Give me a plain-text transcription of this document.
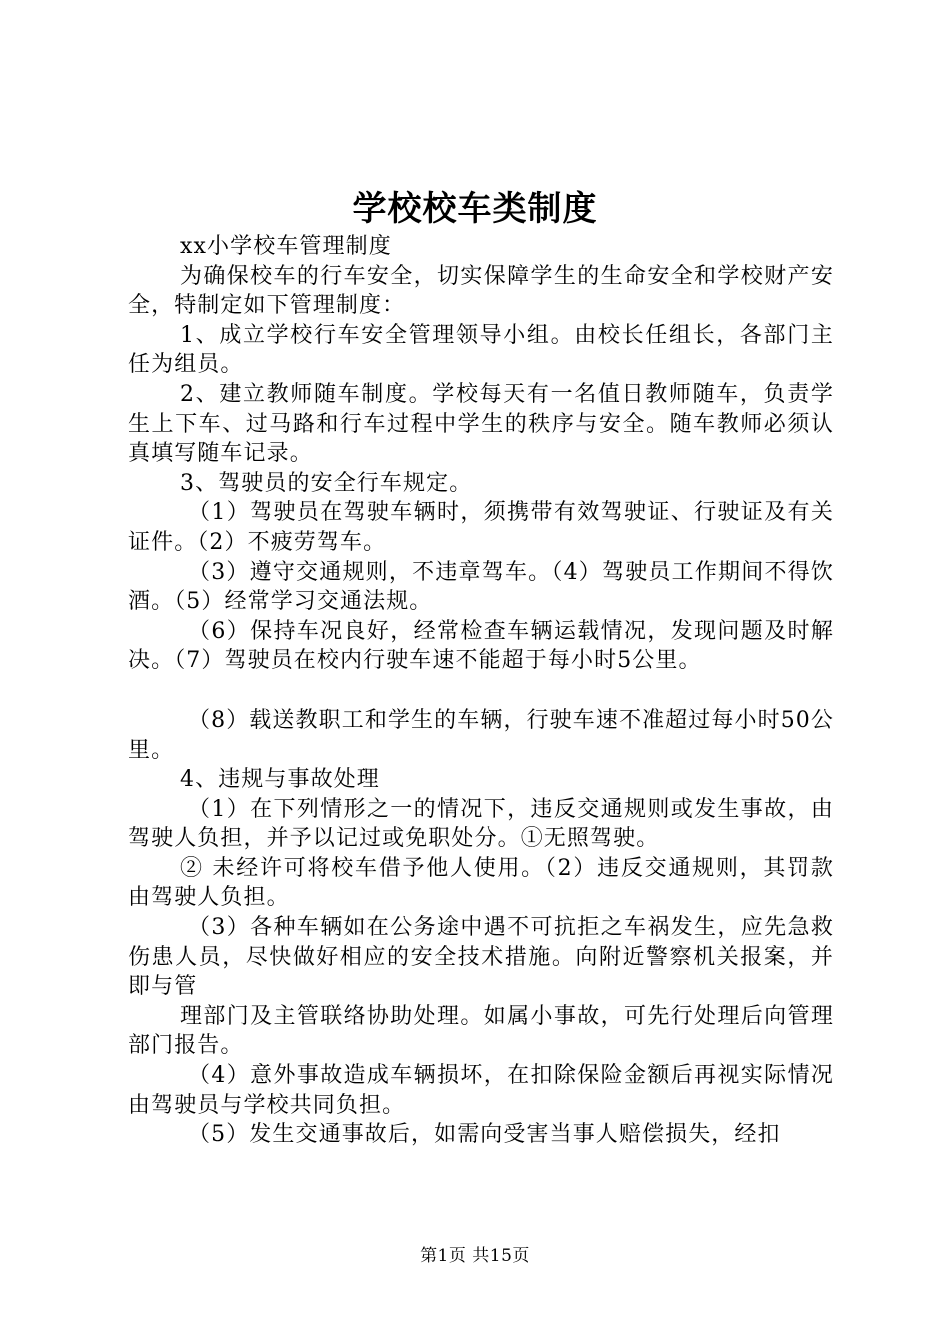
学校校车类制度

xx小学校车管理制度

为确保校车的行车安全，切实保障学生的生命安全和学校财产安全，特制定如下管理制度：

1、成立学校行车安全管理领导小组。由校长任组长，各部门主任为组员。

2、建立教师随车制度。学校每天有一名值日教师随车，负责学生上下车、过马路和行车过程中学生的秩序与安全。随车教师必须认真填写随车记录。

3、驾驶员的安全行车规定。

（1）驾驶员在驾驶车辆时，须携带有效驾驶证、行驶证及有关证件。（2）不疲劳驾车。

（3）遵守交通规则，不违章驾车。（4）驾驶员工作期间不得饮酒。（5）经常学习交通法规。

（6）保持车况良好，经常检查车辆运载情况，发现问题及时解决。（7）驾驶员在校内行驶车速不能超于每小时5公里。

（8）载送教职工和学生的车辆，行驶车速不准超过每小时50公里。

4、违规与事故处理

（1）在下列情形之一的情况下，违反交通规则或发生事故，由驾驶人负担，并予以记过或免职处分。①无照驾驶。

② 未经许可将校车借予他人使用。（2）违反交通规则，其罚款由驾驶人负担。

（3）各种车辆如在公务途中遇不可抗拒之车祸发生，应先急救伤患人员，尽快做好相应的安全技术措施。向附近警察机关报案，并即与管

理部门及主管联络协助处理。如属小事故，可先行处理后向管理部门报告。

（4）意外事故造成车辆损坏，在扣除保险金额后再视实际情况由驾驶员与学校共同负担。

（5）发生交通事故后，如需向受害当事人赔偿损失，经扣

第1页 共15页
